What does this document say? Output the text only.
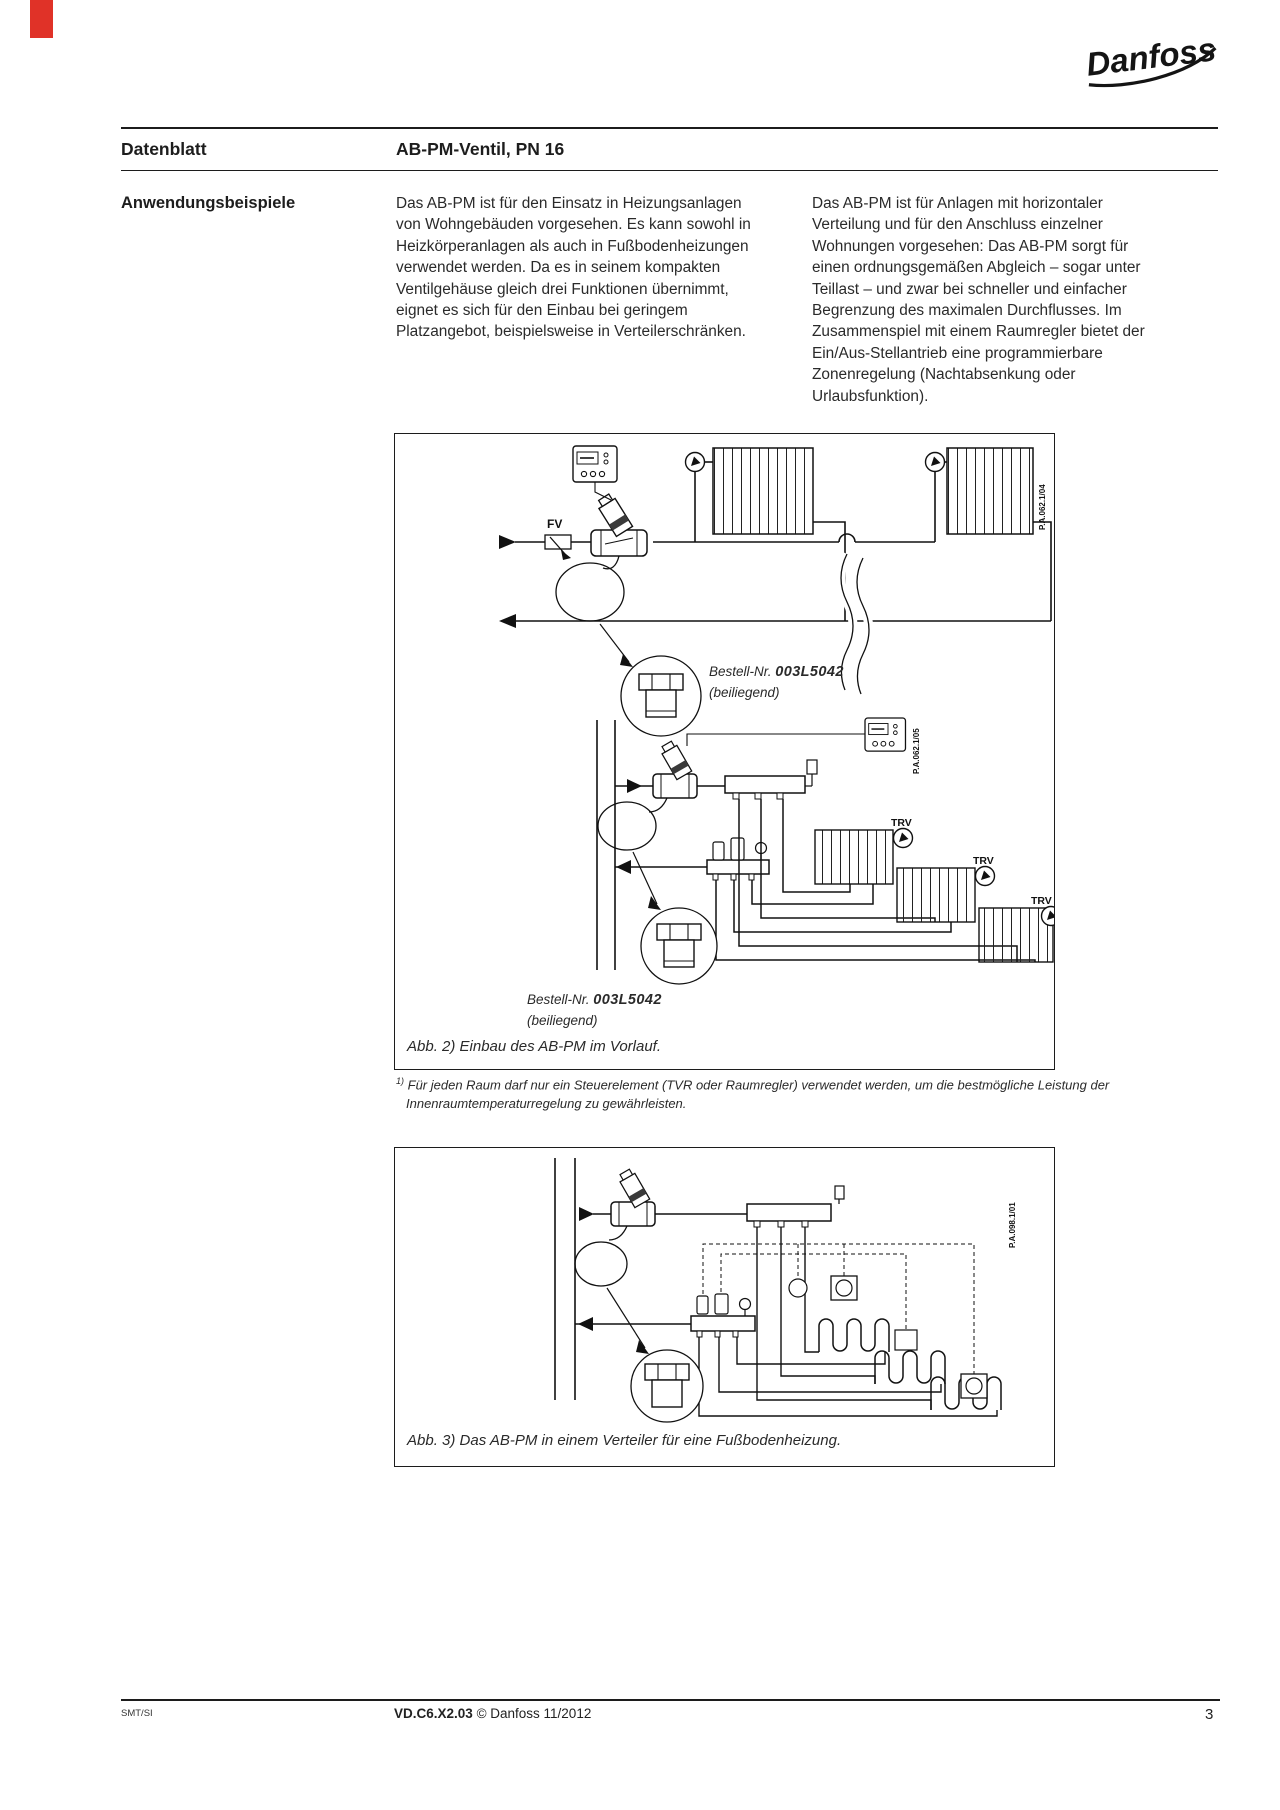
Danfoss
Datenblatt	AB-PM-Ventil, PN 16
Anwendungsbeispiele	Das AB-PM ist für den Einsatz in Heizungsanlagen von Wohngebäuden vorgesehen. Es kann sowohl in Heizkörperanlagen als auch in Fußbodenheizungen verwendet werden. Da es in seinem kompakten Ventilgehäuse gleich drei Funktionen übernimmt, eignet es sich für den Einbau bei geringem Platzangebot, beispielsweise in Verteilerschränken.
Das AB-PM ist für Anlagen mit horizontaler Verteilung und für den Anschluss einzelner Wohnungen vorgesehen: Das AB-PM sorgt für einen ordnungsgemäßen Abgleich – sogar unter Teillast – und zwar bei schneller und einfacher Begrenzung des maximalen Durchflusses. Im Zusammenspiel mit einem Raumregler bietet der Ein/Aus-Stellantrieb eine programmierbare Zonenregelung (Nachtabsenkung oder Urlaubsfunktion).
FV	P.A.062.1/04
P.A.062.1/05
TRV
TRV
TRV
Bestell-Nr. 003L5042
(beiliegend)
Bestell-Nr. 003L5042
(beiliegend)
Abb. 2) Einbau des AB-PM im Vorlauf.
$^{1)}$ Für jeden Raum darf nur ein Steuerelement (TVR oder Raumregler) verwendet werden, um die bestmögliche Leistung der
Innenraumtemperaturregelung zu gewährleisten.
P.A.098.1/01
Abb. 3) Das AB-PM in einem Verteiler für eine Fußbodenheizung.
SMT/SI	VD.C6.X2.03 © Danfoss 11/2012	3
